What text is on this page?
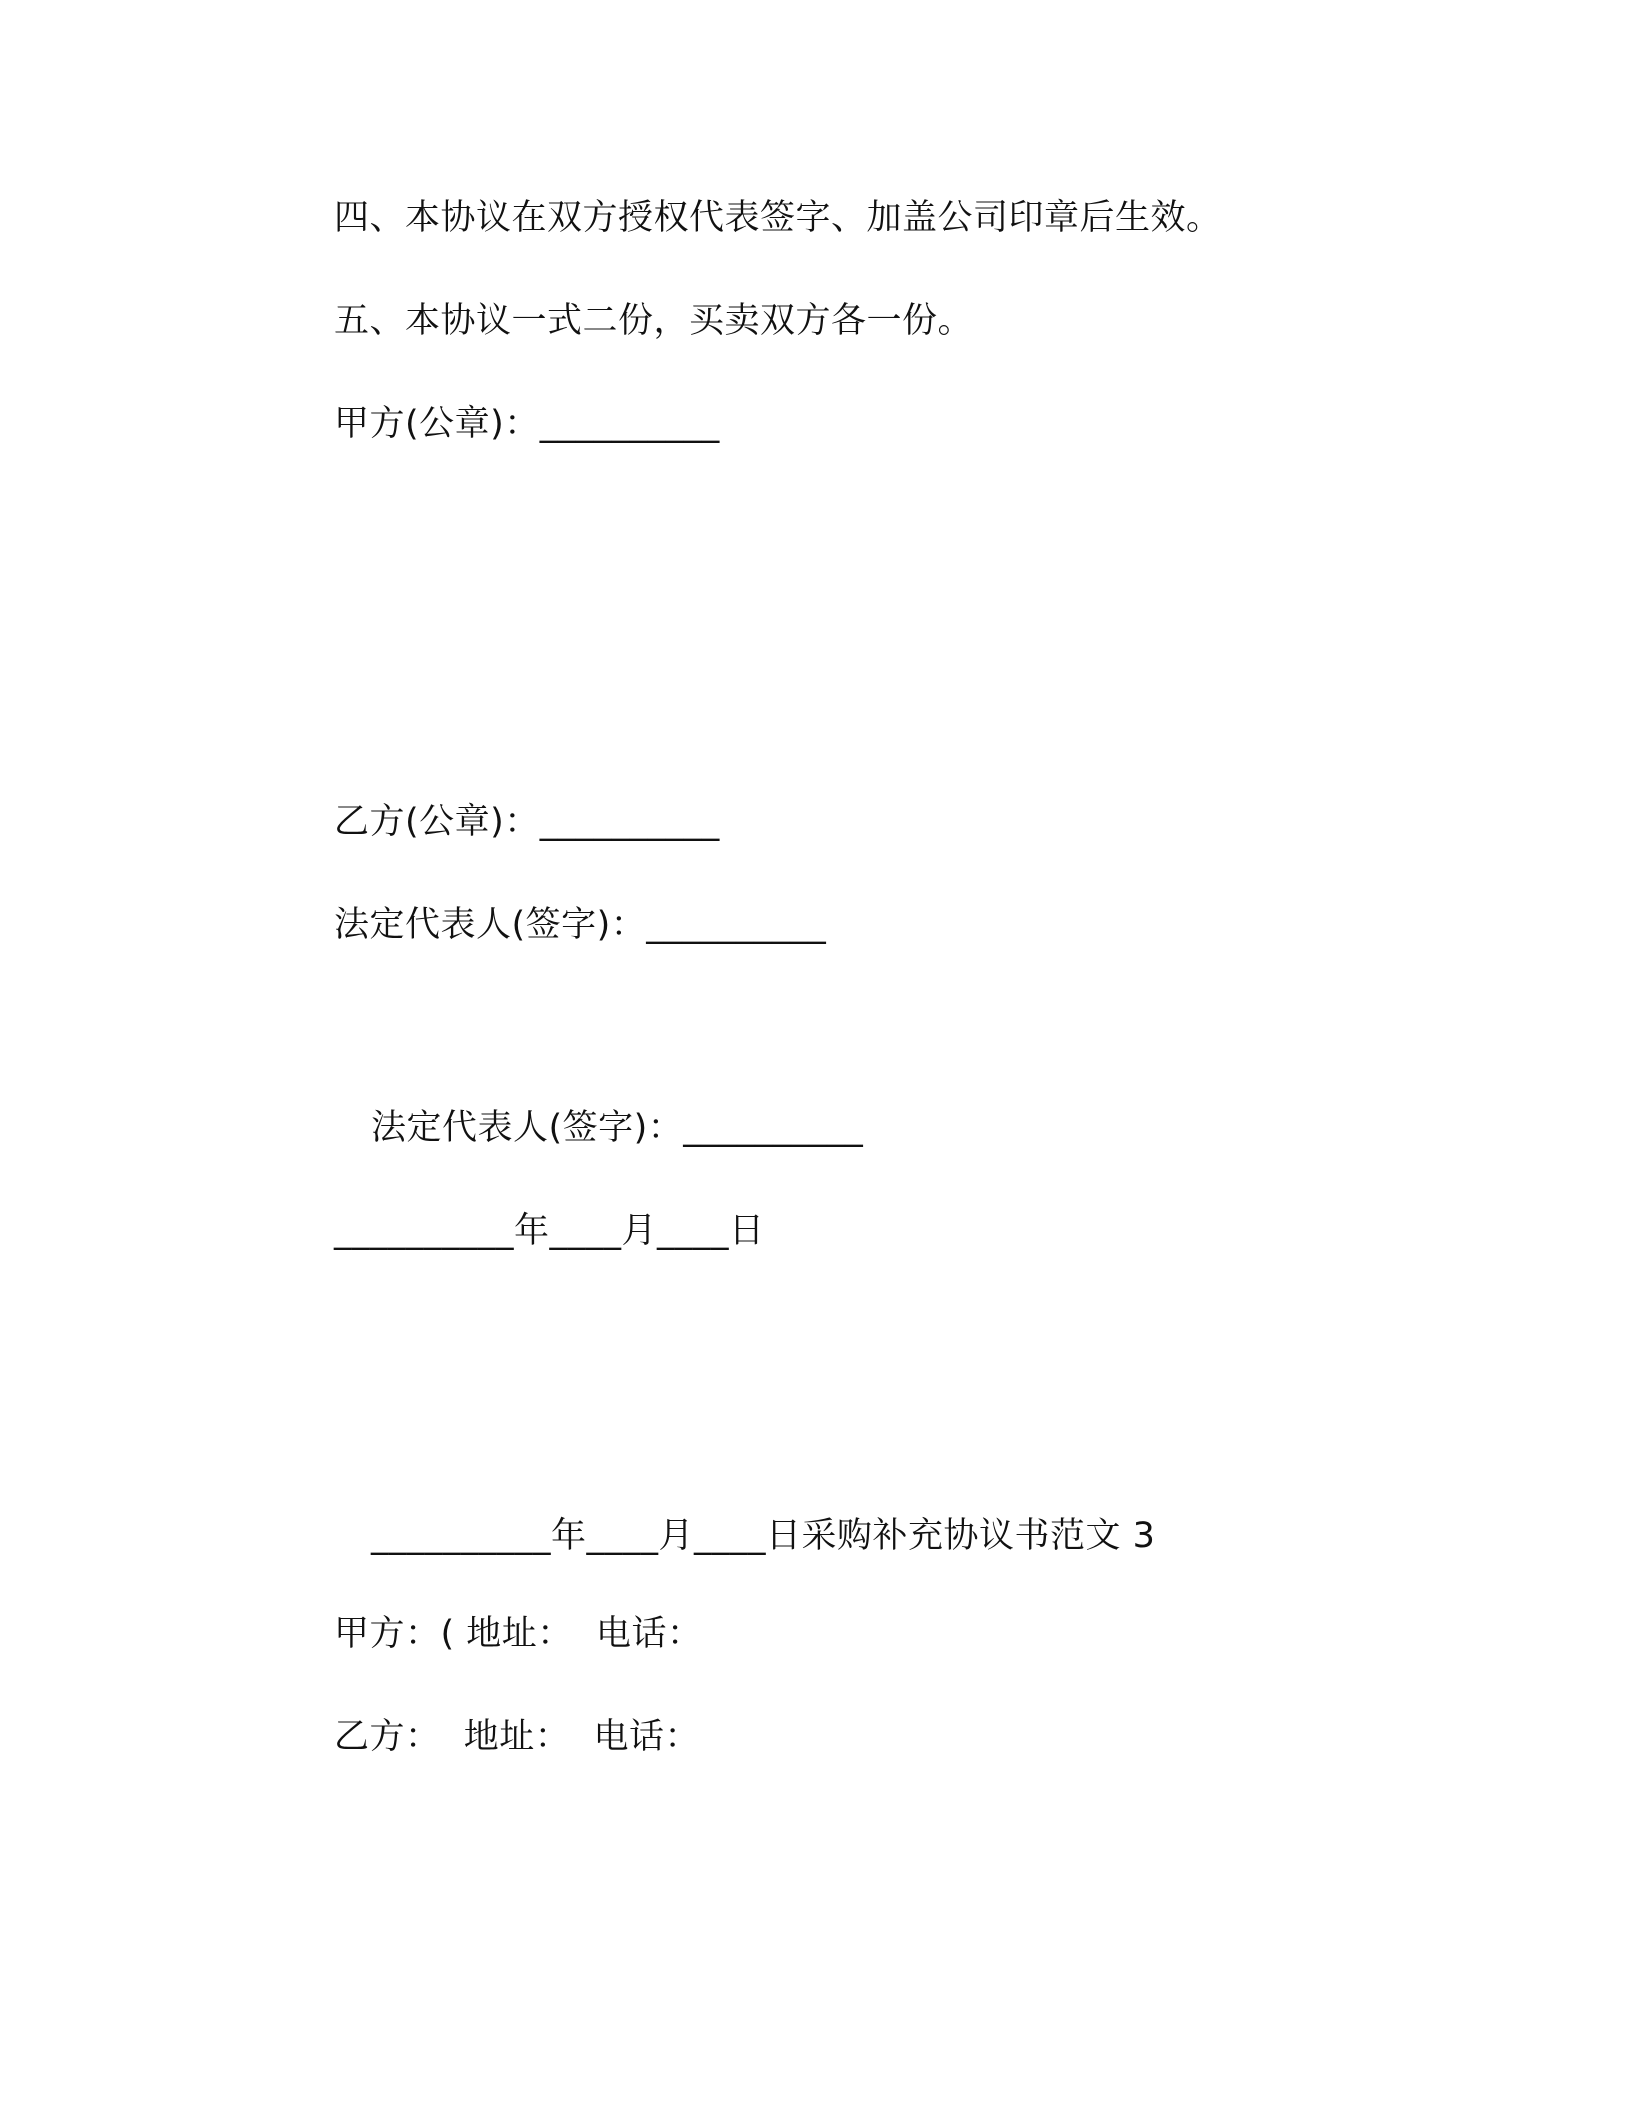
四、本协议在双方授权代表签字、加盖公司印章后生效。
五、本协议一式二份，买卖双方各一份。
甲方(公章)：__________
乙方(公章)：__________
法定代表人(签字)：__________
法定代表人(签字)：__________
__________年____月____日
__________年____月____日采购补充协议书范文 3
甲方：( 地址：  电话：
乙方：  地址：  电话：
